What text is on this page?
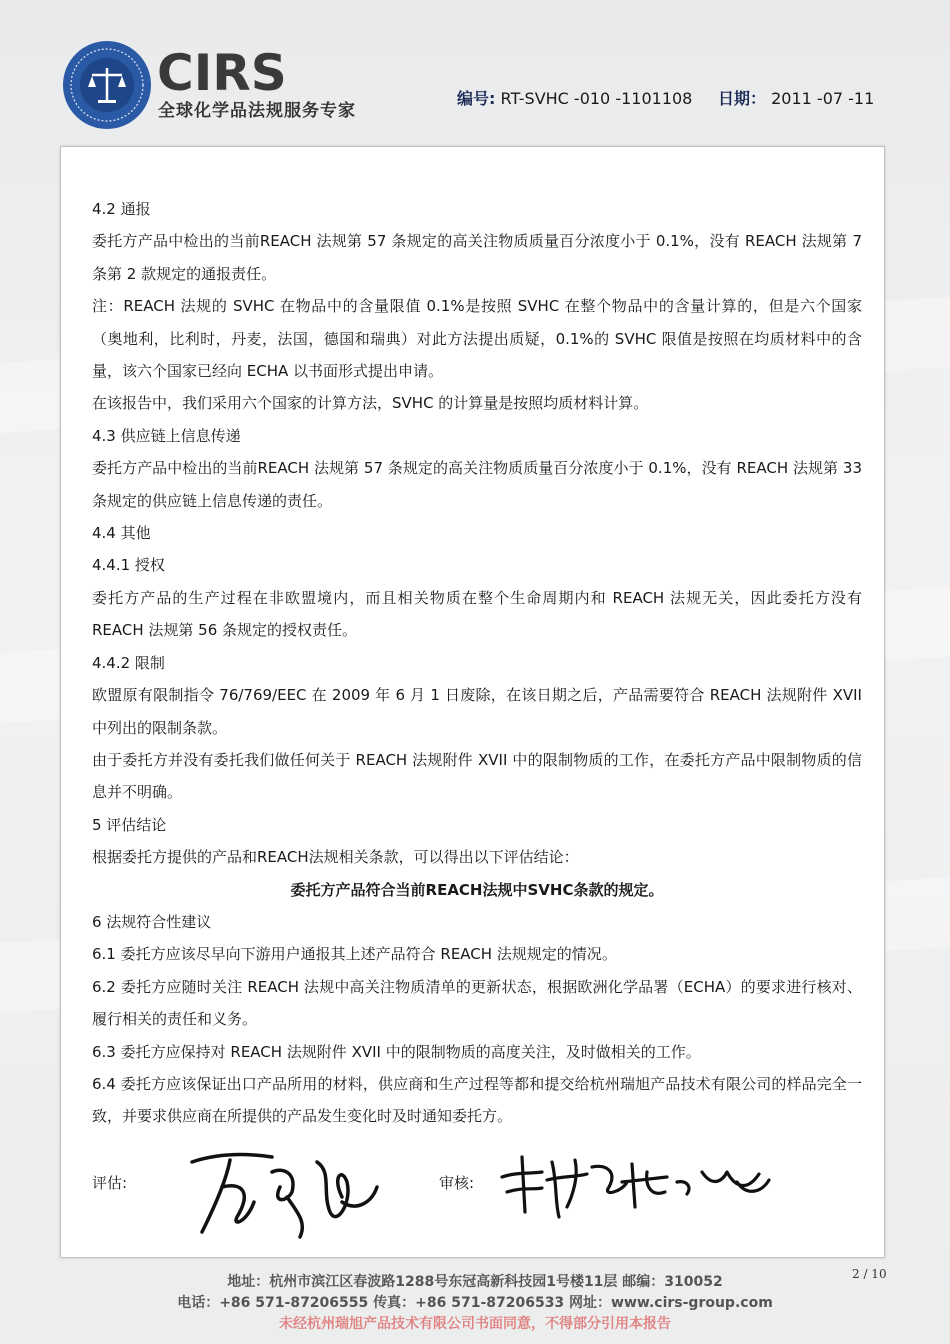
CIRS
全球化学品法规服务专家
编号: RT-SVHC -010 -1101108 日期： 2011 -07 -11

4.2 通报

委托方产品中检出的当前REACH 法规第 57 条规定的高关注物质质量百分浓度小于 0.1%，没有 REACH 法规第 7 条第 2 款规定的通报责任。

注：REACH 法规的 SVHC 在物品中的含量限值 0.1%是按照 SVHC 在整个物品中的含量计算的，但是六个国家（奥地利，比利时，丹麦，法国，德国和瑞典）对此方法提出质疑，0.1%的 SVHC 限值是按照在均质材料中的含量，该六个国家已经向 ECHA 以书面形式提出申请。

在该报告中，我们采用六个国家的计算方法，SVHC 的计算量是按照均质材料计算。

4.3 供应链上信息传递

委托方产品中检出的当前REACH 法规第 57 条规定的高关注物质质量百分浓度小于 0.1%，没有 REACH 法规第 33 条规定的供应链上信息传递的责任。

4.4 其他

4.4.1 授权

委托方产品的生产过程在非欧盟境内，而且相关物质在整个生命周期内和 REACH 法规无关，因此委托方没有 REACH 法规第 56 条规定的授权责任。

4.4.2 限制

欧盟原有限制指令 76/769/EEC 在 2009 年 6 月 1 日废除，在该日期之后，产品需要符合 REACH 法规附件 XVII 中列出的限制条款。

由于委托方并没有委托我们做任何关于 REACH 法规附件 XVII 中的限制物质的工作，在委托方产品中限制物质的信息并不明确。

5 评估结论

根据委托方提供的产品和REACH法规相关条款，可以得出以下评估结论：

委托方产品符合当前REACH法规中SVHC条款的规定。

6 法规符合性建议

6.1 委托方应该尽早向下游用户通报其上述产品符合 REACH 法规规定的情况。

6.2 委托方应随时关注 REACH 法规中高关注物质清单的更新状态，根据欧洲化学品署（ECHA）的要求进行核对、履行相关的责任和义务。

6.3 委托方应保持对 REACH 法规附件 XVII 中的限制物质的高度关注，及时做相关的工作。

6.4 委托方应该保证出口产品所用的材料，供应商和生产过程等都和提交给杭州瑞旭产品技术有限公司的样品完全一致，并要求供应商在所提供的产品发生变化时及时通知委托方。

评估:	审核:
2 / 10
地址：杭州市滨江区春波路1288号东冠高新科技园1号楼11层 邮编：310052
电话：+86 571-87206555 传真：+86 571-87206533 网址：www.cirs-group.com
未经杭州瑞旭产品技术有限公司书面同意，不得部分引用本报告
